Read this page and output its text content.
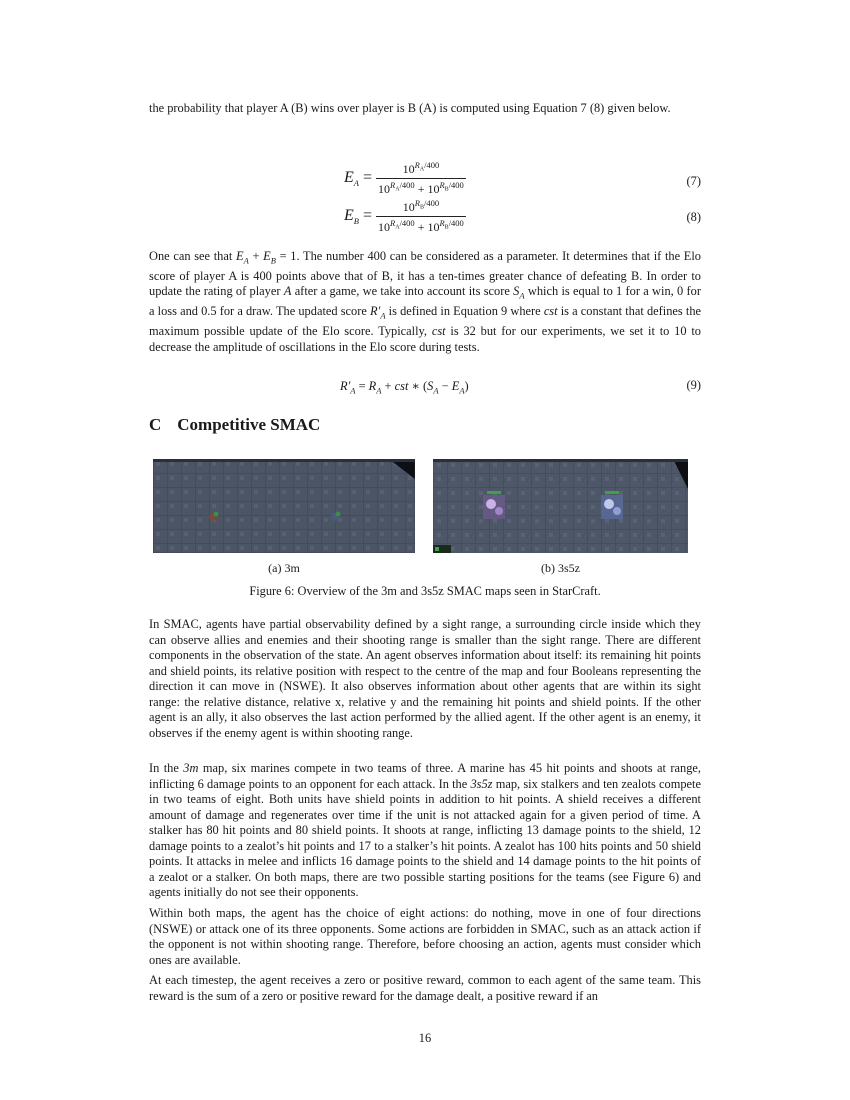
the probability that player A (B) wins over player is B (A) is computed using Equation 7 (8) given below.

$E_A = \frac{10^{R_A/400}}{10^{R_A/400} + 10^{R_B/400}}$	(7)
$E_B = \frac{10^{R_B/400}}{10^{R_A/400} + 10^{R_B/400}}$	(8)

One can see that $E_A + E_B = 1$. The number 400 can be considered as a parameter. It determines that if the Elo score of player A is 400 points above that of B, it has a ten-times greater chance of defeating B. In order to update the rating of player A after a game, we take into account its score $S_A$ which is equal to 1 for a win, 0 for a loss and 0.5 for a draw. The updated score $R'_A$ is defined in Equation 9 where cst is a constant that defines the maximum possible update of the Elo score. Typically, cst is 32 but for our experiments, we set it to 10 to decrease the amplitude of oscillations in the Elo score during tests.

$R'_A = R_A$ + cst ∗ $(S_A - E_A)$	(9)
C Competitive SMAC
(a) 3m	(b) 3s5z
Figure 6: Overview of the 3m and 3s5z SMAC maps seen in StarCraft.

In SMAC, agents have partial observability defined by a sight range, a surrounding circle inside which they can observe allies and enemies and their shooting range is smaller than the sight range. There are different components in the observation of the state. An agent observes information about itself: its remaining hit points and shield points, its relative position with respect to the centre of the map and four Booleans representing the direction it can move in (NSWE). It also observes information about other agents that are within its sight range: the relative distance, relative x, relative y and the remaining hit points and shield points. If the other agent is an ally, it also observes the last action performed by the allied agent. If the other agent is an enemy, it observes if the enemy agent is within shooting range.

In the 3m map, six marines compete in two teams of three. A marine has 45 hit points and shoots at range, inflicting 6 damage points to an opponent for each attack. In the 3s5z map, six stalkers and ten zealots compete in two teams of eight. Both units have shield points in addition to hit points. A shield receives a different amount of damage and regenerates over time if the unit is not attacked again for a given period of time. A stalker has 80 hit points and 80 shield points. It shoots at range, inflicting 13 damage points to the shield, 12 damage points to a zealot’s hit points and 17 to a stalker’s hit points. A zealot has 100 hits points and 50 shield points. It attacks in melee and inflicts 16 damage points to the shield and 14 damage points to the hit points of a zealot or a stalker. On both maps, there are two possible starting positions for the teams (see Figure 6) and agents initially do not see their opponents.

Within both maps, the agent has the choice of eight actions: do nothing, move in one of four directions (NSWE) or attack one of its three opponents. Some actions are forbidden in SMAC, such as an attack action if the opponent is not within shooting range. Therefore, before choosing an action, agents must consider which ones are available.

At each timestep, the agent receives a zero or positive reward, common to each agent of the same team. This reward is the sum of a zero or positive reward for the damage dealt, a positive reward if an

16
